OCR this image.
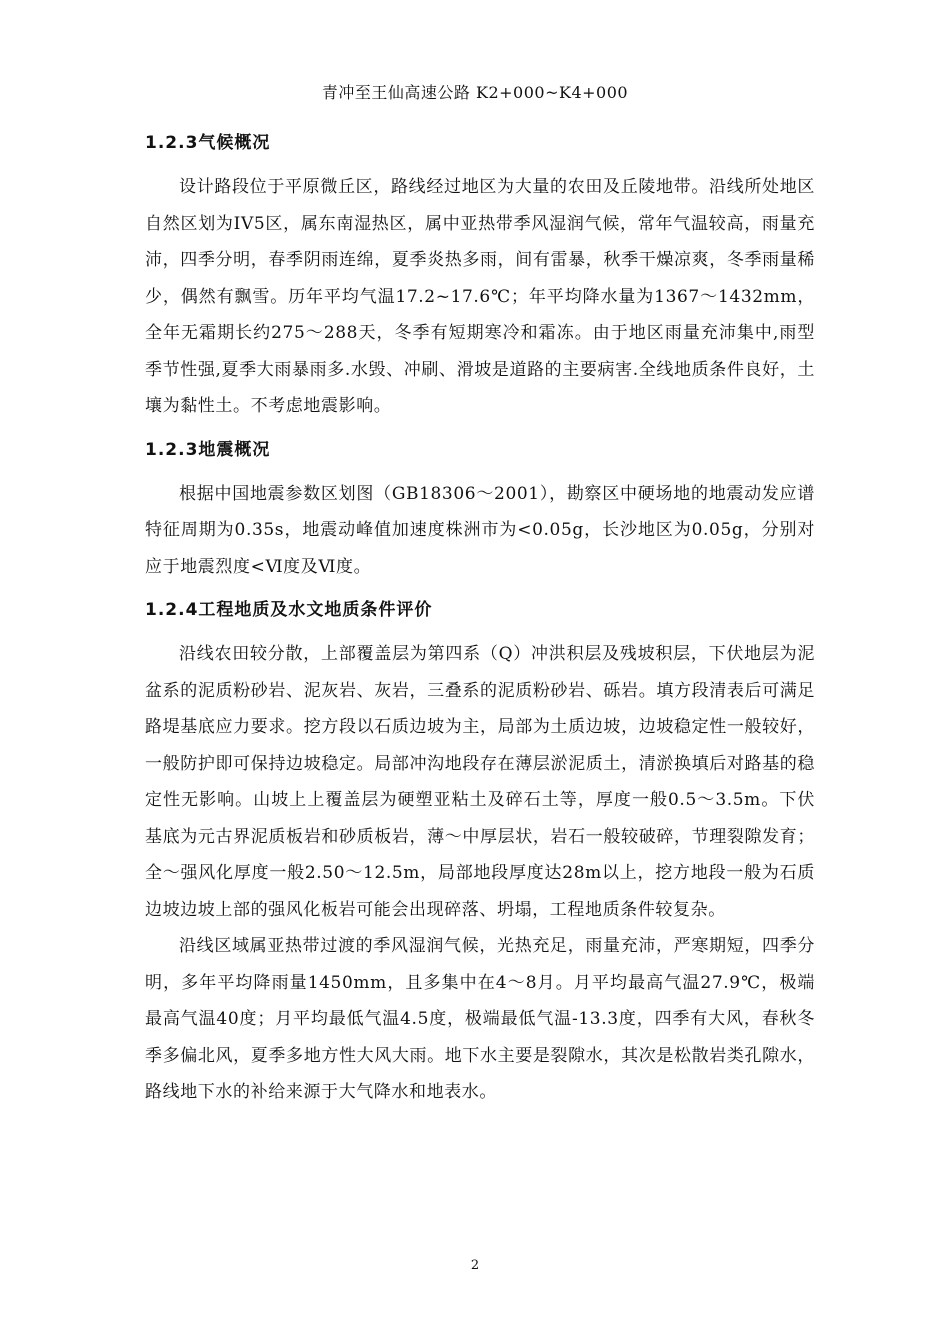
青冲至王仙高速公路 K2+000~K4+000
1.2.3气候概况

设计路段位于平原微丘区，路线经过地区为大量的农田及丘陵地带。沿线所处地区自然区划为IV5区，属东南湿热区，属中亚热带季风湿润气候，常年气温较高，雨量充沛，四季分明，春季阴雨连绵，夏季炎热多雨，间有雷暴，秋季干燥凉爽，冬季雨量稀少，偶然有飘雪。历年平均气温17.2~17.6℃；年平均降水量为1367～1432mm，全年无霜期长约275～288天，冬季有短期寒冷和霜冻。由于地区雨量充沛集中,雨型季节性强,夏季大雨暴雨多.水毁、冲刷、滑坡是道路的主要病害.全线地质条件良好，土壤为黏性土。不考虑地震影响。

1.2.3地震概况

根据中国地震参数区划图（GB18306～2001），勘察区中硬场地的地震动发应谱特征周期为0.35s，地震动峰值加速度株洲市为<0.05g，长沙地区为0.05g，分别对应于地震烈度<Ⅵ度及Ⅵ度。

1.2.4工程地质及水文地质条件评价

沿线农田较分散，上部覆盖层为第四系（Q）冲洪积层及残坡积层，下伏地层为泥盆系的泥质粉砂岩、泥灰岩、灰岩，三叠系的泥质粉砂岩、砾岩。填方段清表后可满足路堤基底应力要求。挖方段以石质边坡为主，局部为土质边坡，边坡稳定性一般较好，一般防护即可保持边坡稳定。局部冲沟地段存在薄层淤泥质土，清淤换填后对路基的稳定性无影响。山坡上上覆盖层为硬塑亚粘土及碎石土等，厚度一般0.5～3.5m。下伏基底为元古界泥质板岩和砂质板岩，薄～中厚层状，岩石一般较破碎，节理裂隙发育；全～强风化厚度一般2.50～12.5m，局部地段厚度达28m以上，挖方地段一般为石质边坡边坡上部的强风化板岩可能会出现碎落、坍塌，工程地质条件较复杂。

沿线区域属亚热带过渡的季风湿润气候，光热充足，雨量充沛，严寒期短，四季分明，多年平均降雨量1450mm，且多集中在4～8月。月平均最高气温27.9℃，极端最高气温40度；月平均最低气温4.5度，极端最低气温-13.3度，四季有大风，春秋冬季多偏北风，夏季多地方性大风大雨。地下水主要是裂隙水，其次是松散岩类孔隙水，路线地下水的补给来源于大气降水和地表水。

2
